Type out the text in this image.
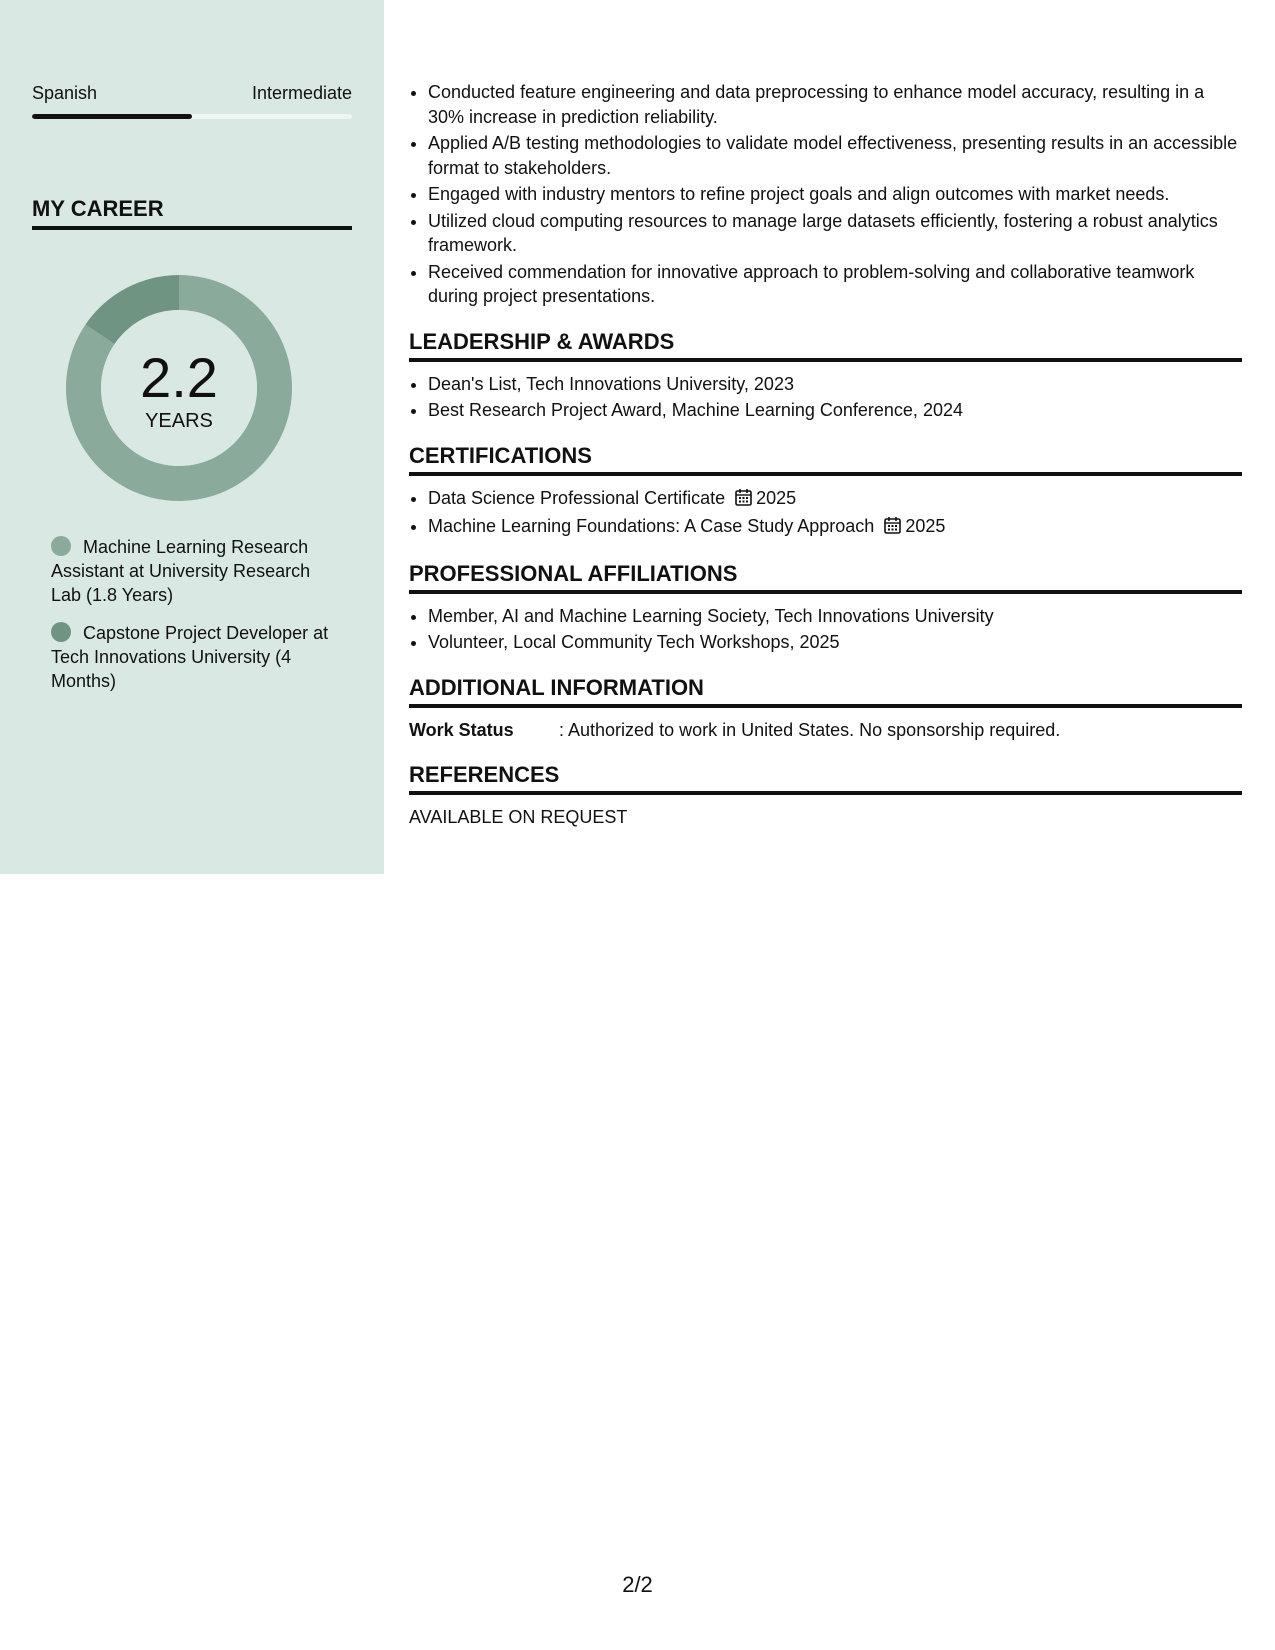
Spanish	Intermediate
MY CAREER
2.2
YEARS
Machine Learning Research Assistant at University Research Lab (1.8 Years)
Capstone Project Developer at Tech Innovations University (4 Months)
• Conducted feature engineering and data preprocessing to enhance model accuracy, resulting in a 30% increase in prediction reliability.
• Applied A/B testing methodologies to validate model effectiveness, presenting results in an accessible format to stakeholders.
• Engaged with industry mentors to refine project goals and align outcomes with market needs.
• Utilized cloud computing resources to manage large datasets efficiently, fostering a robust analytics framework.
• Received commendation for innovative approach to problem-solving and collaborative teamwork during project presentations.
LEADERSHIP & AWARDS
• Dean's List, Tech Innovations University, 2023
• Best Research Project Award, Machine Learning Conference, 2024
CERTIFICATIONS
• Data Science Professional Certificate 2025
• Machine Learning Foundations: A Case Study Approach 2025
PROFESSIONAL AFFILIATIONS
• Member, AI and Machine Learning Society, Tech Innovations University
• Volunteer, Local Community Tech Workshops, 2025
ADDITIONAL INFORMATION
Work Status	: Authorized to work in United States. No sponsorship required.
REFERENCES
AVAILABLE ON REQUEST
2/2
